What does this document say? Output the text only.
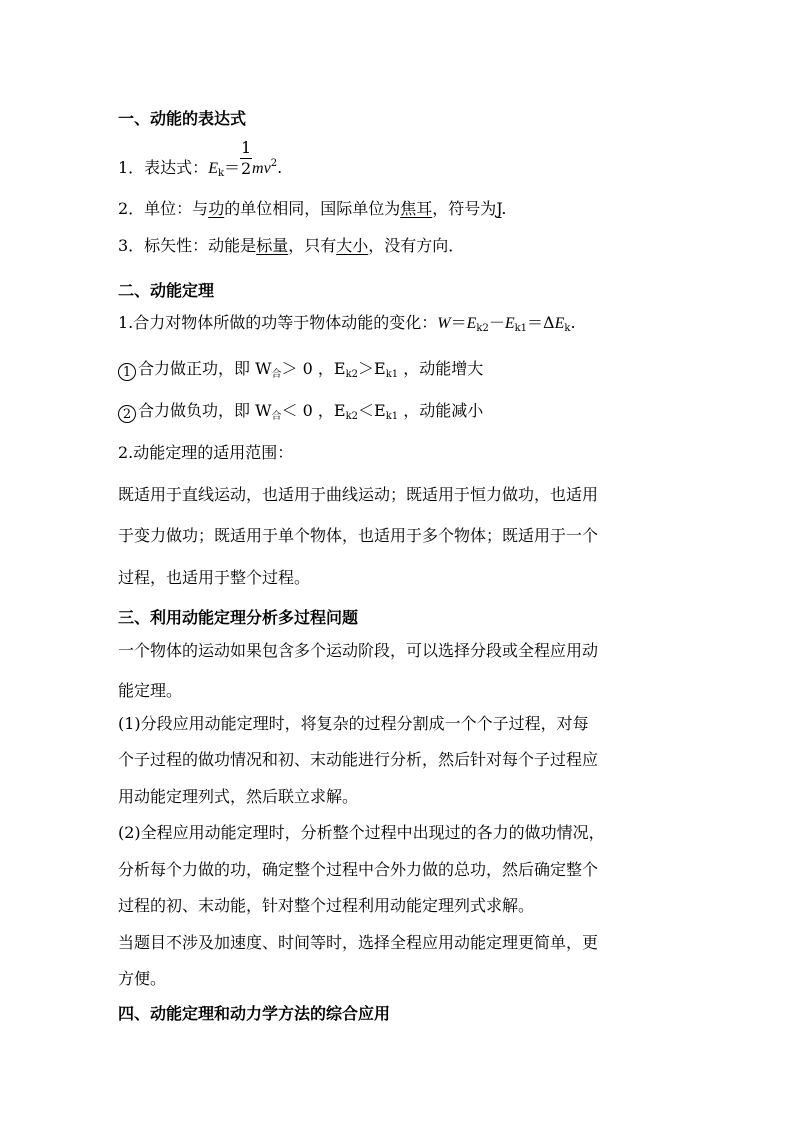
一、动能的表达式
1．表达式：$E_k=$
1
2 $mv^2$.
2．单位：与功的单位相同，国际单位为焦耳，符号为J.
3．标矢性：动能是标量，只有大小，没有方向．
二、动能定理
1.合力对物体所做的功等于物体动能的变化：$W=E_{k2}-E_{k1}=\Delta E_k$.
1 合力做正功，即 $W_合> 0$ ，$E_{k2}>E_{k1}$ ，动能增大
2 合力做负功，即 $W_合< 0$ ，$E_{k2}<E_{k1}$ ，动能减小
2.动能定理的适用范围：
既适用于直线运动，也适用于曲线运动；既适用于恒力做功，也适用
于变力做功；既适用于单个物体，也适用于多个物体；既适用于一个
过程，也适用于整个过程。
三、利用动能定理分析多过程问题
一个物体的运动如果包含多个运动阶段，可以选择分段或全程应用动
能定理。
(1)分段应用动能定理时，将复杂的过程分割成一个个子过程，对每
个子过程的做功情况和初、末动能进行分析，然后针对每个子过程应
用动能定理列式，然后联立求解。
(2)全程应用动能定理时，分析整个过程中出现过的各力的做功情况，
分析每个力做的功，确定整个过程中合外力做的总功，然后确定整个
过程的初、末动能，针对整个过程利用动能定理列式求解。
当题目不涉及加速度、时间等时，选择全程应用动能定理更简单，更
方便。
四、动能定理和动力学方法的综合应用
